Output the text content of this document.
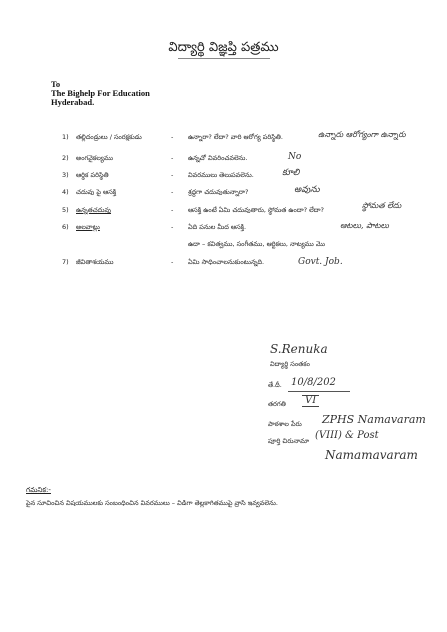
విద్యార్థి విజ్ఞప్తి పత్రము
To
The Bighelp For Education
Hyderabad.
1) తల్లిదండ్రులు / సంరక్షకుడు	- ఉన్నారా? లేదా? వారి ఆరోగ్య పరిస్థితి.	ఉన్నారు ఆరోగ్యంగా ఉన్నారు
2) అంగవైకల్యము	- ఉన్నచో వివరించవలెను.	No
3) ఆర్థిక పరిస్థితి	- వివరములు తెలుపవలెను.	కూలి
4) చదువు పై ఆసక్తి	- శ్రద్ధగా చదువుతున్నారా?	అవును
5) ఉన్నతచదువు	- ఆసక్తి ఉంటే ఏమి చదువుతారు, స్థోమత ఉందా? లేదా?	స్థోమత లేదు
6) అలవాట్లు	- ఏది పనుల మీద ఆసక్తి.	ఆటలు, పాటలు
ఉదా – కవిత్వము, సంగీతము, ఆర్టికలు, నాట్యము మొ
7) జీవితాశయము	- ఏమి సాధించాలనుకుంటున్నది.	Govt. Job.
S.Renuka
విద్యార్థి సంతకం
తే.దీ. 10/8/202
తరగతి	VI
పాఠశాల పేరు ZPHS Namavaram
పూర్తి చిరునామా (VIII) & Post
Namamavaram
గమనిక:-
పైన సూచించిన విషయములకు సంబంధించిన వివరములు – విడిగా తెల్లకాగితముపై వ్రాసి ఇవ్వవలెను.
